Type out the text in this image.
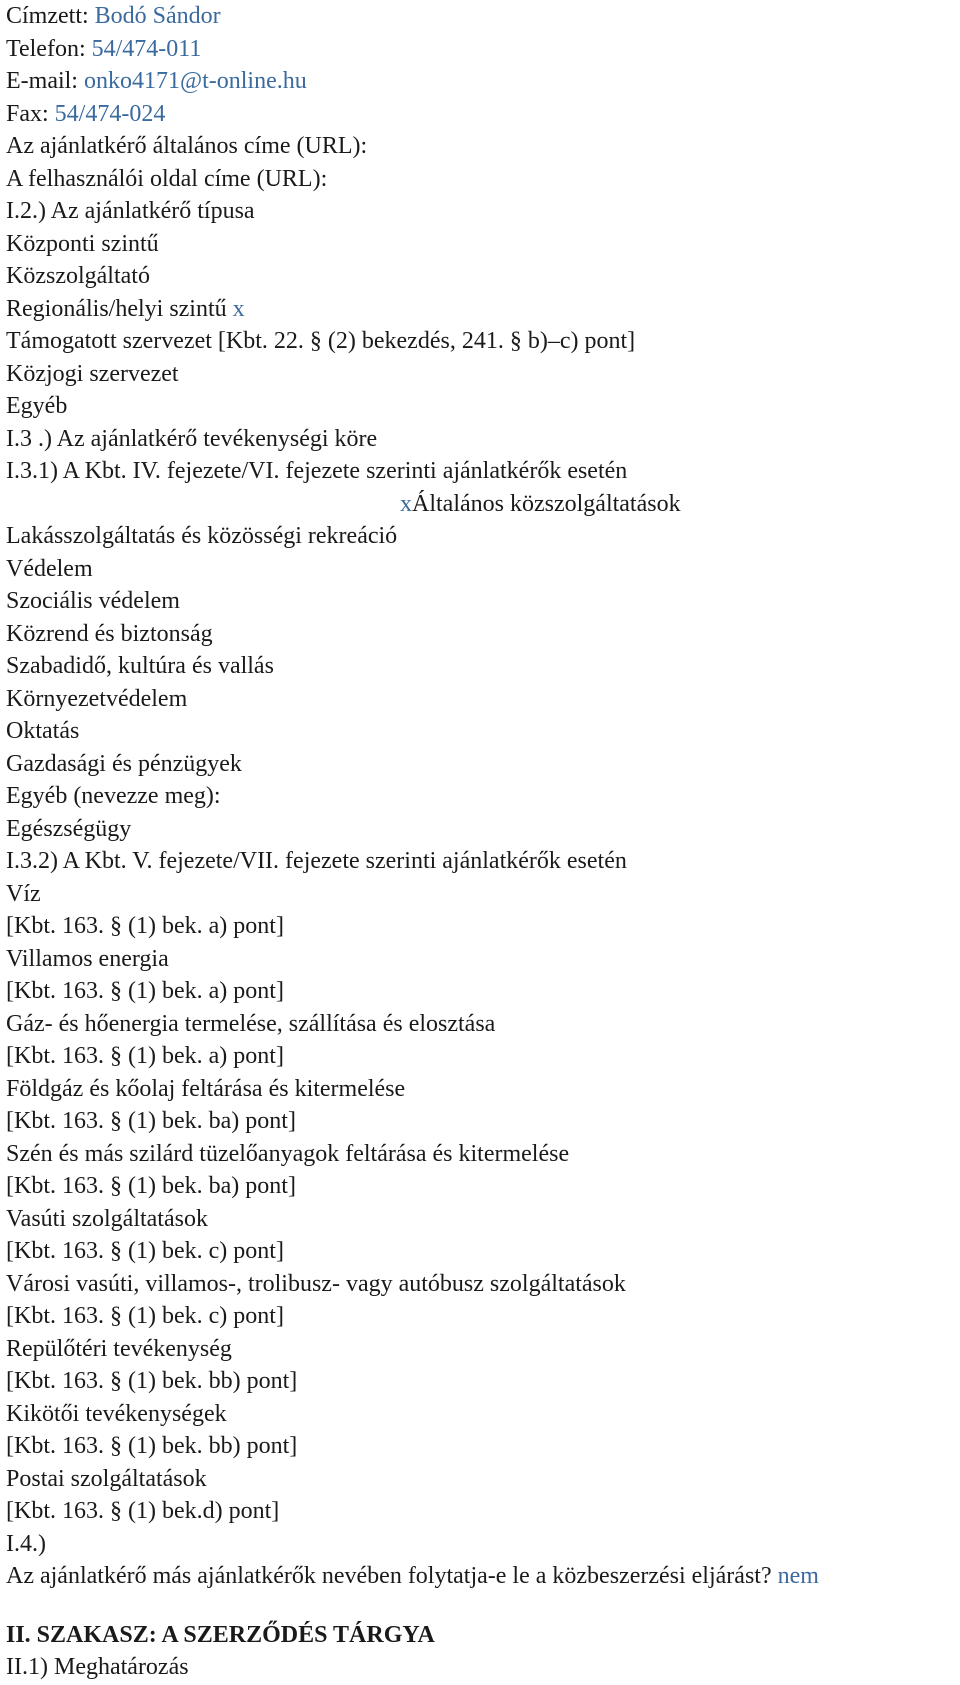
Címzett: Bodó Sándor
Telefon: 54/474-011
E-mail: onko4171@t-online.hu
Fax: 54/474-024
Az ajánlatkérő általános címe (URL):
A felhasználói oldal címe (URL):
I.2.) Az ajánlatkérő típusa
Központi szintű
Közszolgáltató
Regionális/helyi szintű x
Támogatott szervezet [Kbt. 22. § (2) bekezdés, 241. § b)–c) pont]
Közjogi szervezet
Egyéb
I.3 .) Az ajánlatkérő tevékenységi köre
I.3.1) A Kbt. IV. fejezete/VI. fejezete szerinti ajánlatkérők esetén
xÁltalános közszolgáltatások
Lakásszolgáltatás és közösségi rekreáció
Védelem
Szociális védelem
Közrend és biztonság
Szabadidő, kultúra és vallás
Környezetvédelem
Oktatás
Gazdasági és pénzügyek
Egyéb (nevezze meg):
Egészségügy
I.3.2) A Kbt. V. fejezete/VII. fejezete szerinti ajánlatkérők esetén
Víz
[Kbt. 163. § (1) bek. a) pont]
Villamos energia
[Kbt. 163. § (1) bek. a) pont]
Gáz- és hőenergia termelése, szállítása és elosztása
[Kbt. 163. § (1) bek. a) pont]
Földgáz és kőolaj feltárása és kitermelése
[Kbt. 163. § (1) bek. ba) pont]
Szén és más szilárd tüzelőanyagok feltárása és kitermelése
[Kbt. 163. § (1) bek. ba) pont]
Vasúti szolgáltatások
[Kbt. 163. § (1) bek. c) pont]
Városi vasúti, villamos-, trolibusz- vagy autóbusz szolgáltatások
[Kbt. 163. § (1) bek. c) pont]
Repülőtéri tevékenység
[Kbt. 163. § (1) bek. bb) pont]
Kikötői tevékenységek
[Kbt. 163. § (1) bek. bb) pont]
Postai szolgáltatások
[Kbt. 163. § (1) bek.d) pont]
I.4.)
Az ajánlatkérő más ajánlatkérők nevében folytatja-e le a közbeszerzési eljárást? nem
II. SZAKASZ: A SZERZŐDÉS TÁRGYA
II.1) Meghatározás
